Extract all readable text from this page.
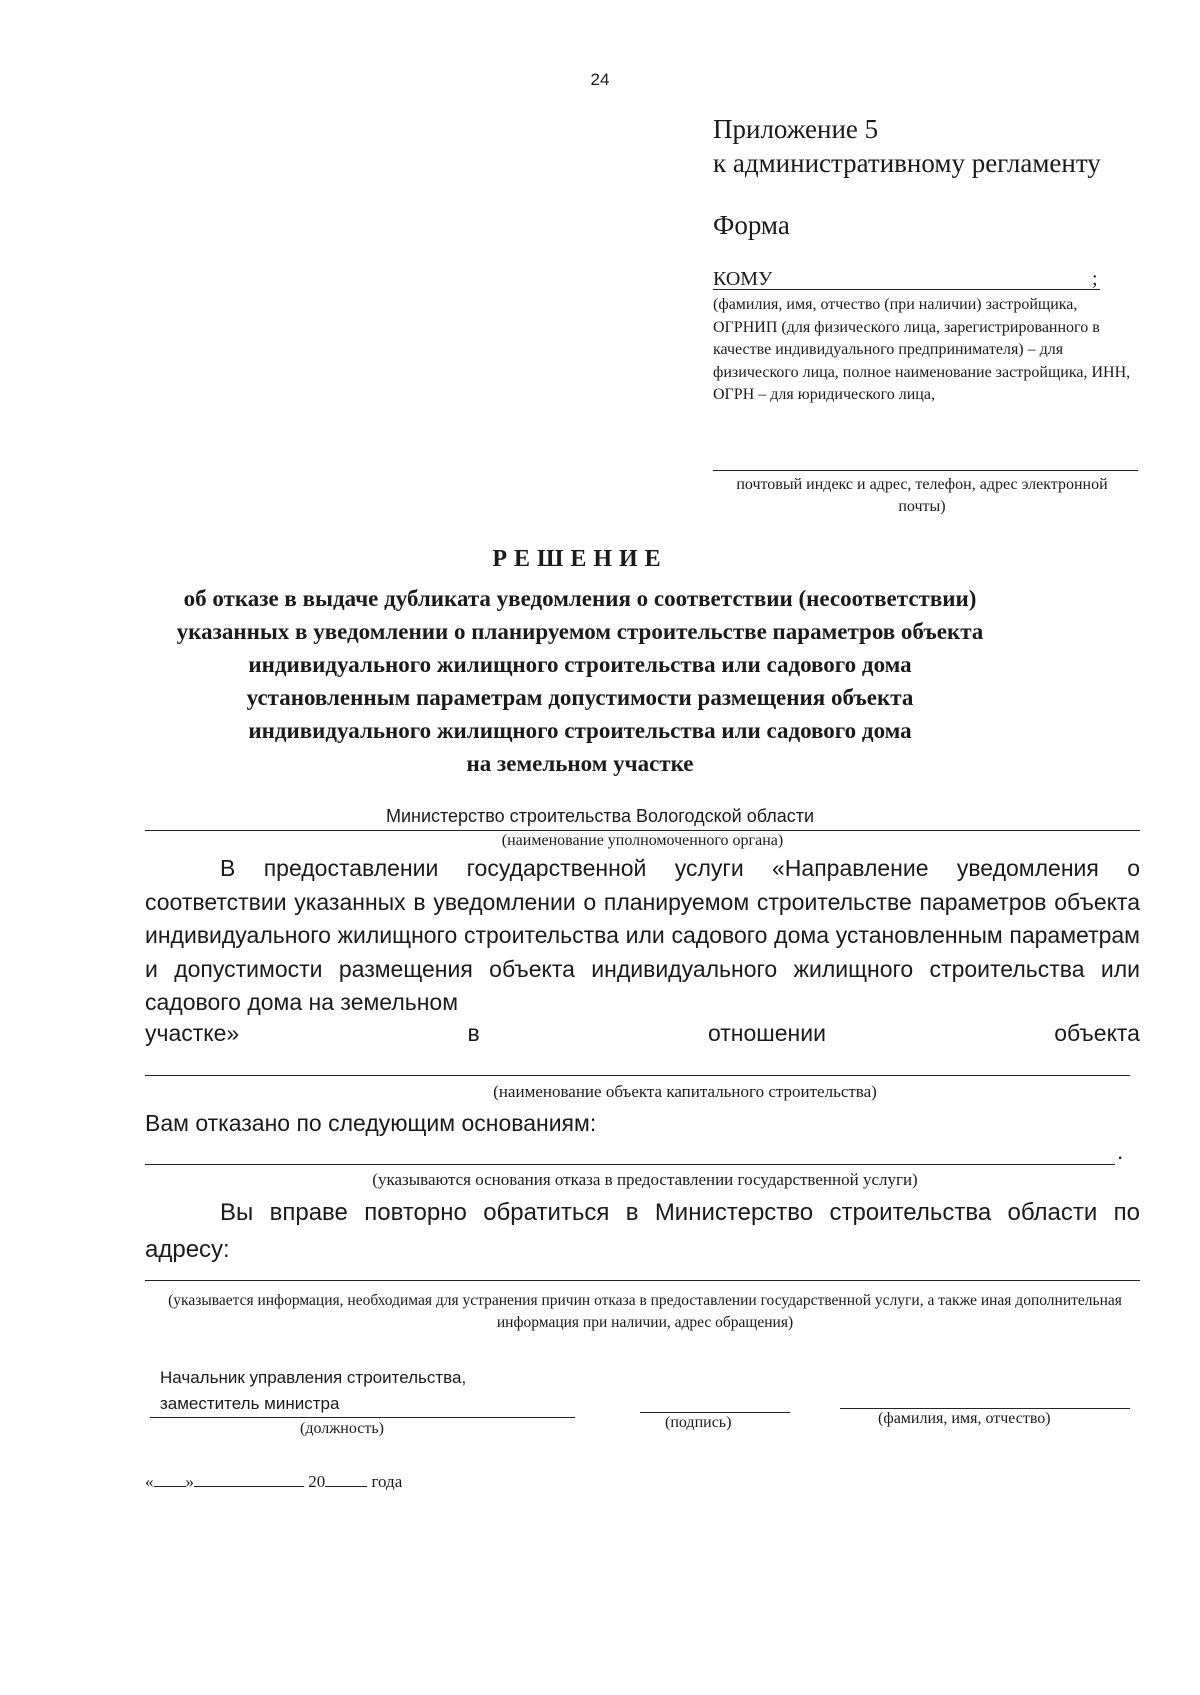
24
Приложение 5
к административному регламенту
Форма
КОМУ	;
(фамилия, имя, отчество (при наличии) застройщика, ОГРНИП (для физического лица, зарегистрированного в качестве индивидуального предпринимателя) – для физического лица, полное наименование застройщика, ИНН, ОГРН – для юридического лица,
почтовый индекс и адрес, телефон, адрес электронной почты)
РЕШЕНИЕ
об отказе в выдаче дубликата уведомления о соответствии (несоответствии)
указанных в уведомлении о планируемом строительстве параметров объекта
индивидуального жилищного строительства или садового дома
установленным параметрам допустимости размещения объекта
индивидуального жилищного строительства или садового дома
на земельном участке
Министерство строительства Вологодской области
(наименование уполномоченного органа)
В предоставлении государственной услуги «Направление уведомления о соответствии указанных в уведомлении о планируемом строительстве параметров объекта индивидуального жилищного строительства или садового дома установленным параметрам и допустимости размещения объекта индивидуального жилищного строительства или садового дома на земельном
участке»	в	отношении	объекта
(наименование объекта капитального строительства)
Вам отказано по следующим основаниям:
.
(указываются основания отказа в предоставлении государственной услуги)
Вы вправе повторно обратиться в Министерство строительства области по адресу:
(указывается информация, необходимая для устранения причин отказа в предоставлении государственной услуги, а также иная дополнительная информация при наличии, адрес обращения)
Начальник управления строительства,
заместитель министра
(должность)	(подпись)	(фамилия, имя, отчество)
« »	20	года
